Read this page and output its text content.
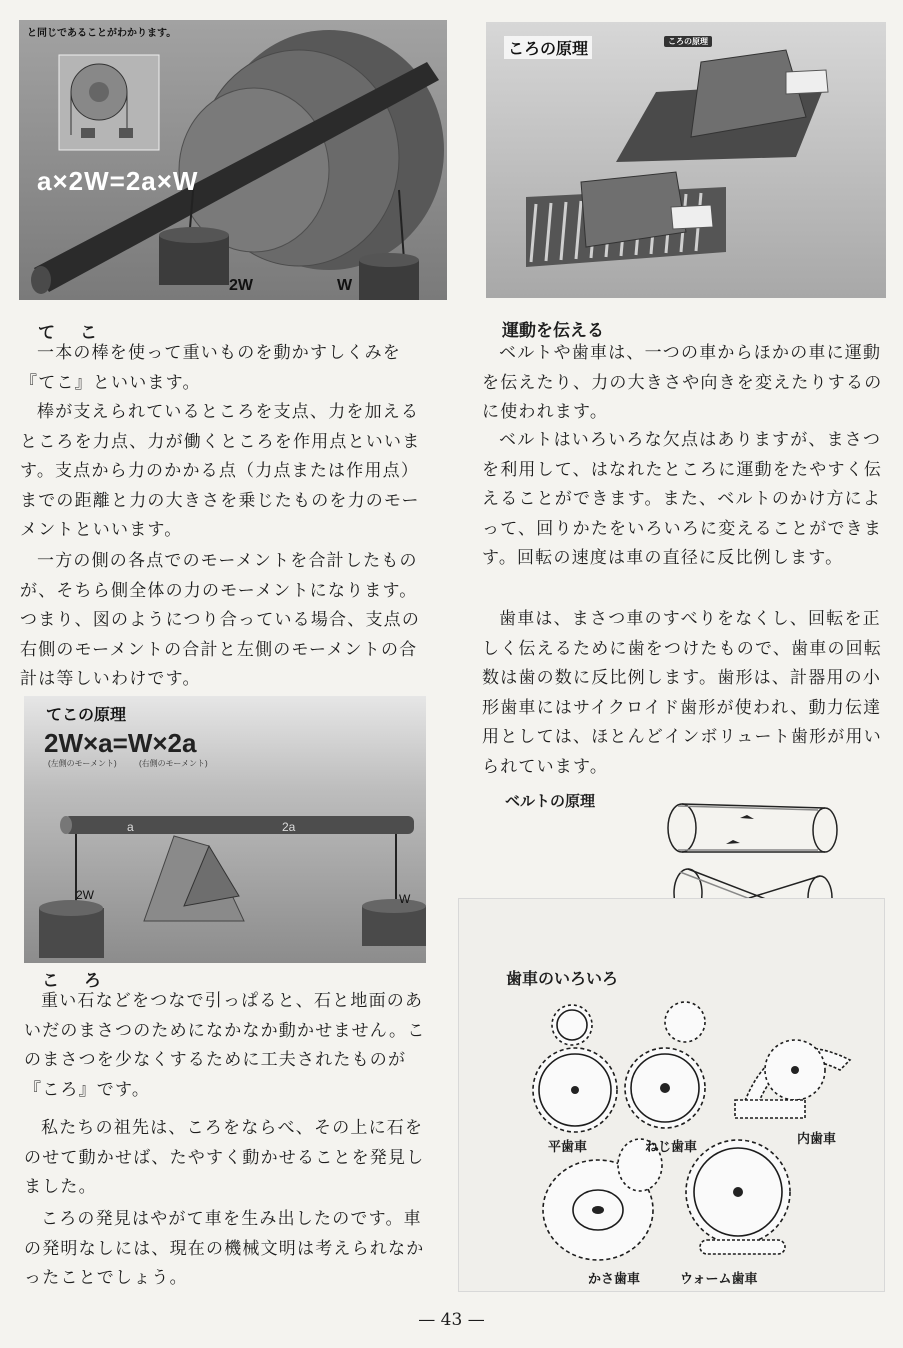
と同じであることがわかります。
a×2W=2a×W
2W	W
て　こ
一本の棒を使って重いものを動かすしくみを『てこ』といいます。
棒が支えられているところを支点、力を加えるところを力点、力が働くところを作用点といいます。支点から力のかかる点（力点または作用点）までの距離と力の大きさを乗じたものを力のモーメントといいます。
一方の側の各点でのモーメントを合計したものが、そちら側全体の力のモーメントになります。つまり、図のようにつり合っている場合、支点の右側のモーメントの合計と左側のモーメントの合計は等しいわけです。
てこの原理
2W×a=W×2a
(左側のモーメント)	(右側のモーメント)
a	2a
2W	W
こ　ろ
重い石などをつなで引っぱると、石と地面のあいだのまさつのためになかなか動かせません。このまさつを少なくするために工夫されたものが『ころ』です。
私たちの祖先は、ころをならべ、その上に石をのせて動かせば、たやすく動かせることを発見しました。
ころの発見はやがて車を生み出したのです。車の発明なしには、現在の機械文明は考えられなかったことでしょう。
ころの原理	ころの原理
運動を伝える
ベルトや歯車は、一つの車からほかの車に運動を伝えたり、力の大きさや向きを変えたりするのに使われます。
ベルトはいろいろな欠点はありますが、まさつを利用して、はなれたところに運動をたやすく伝えることができます。また、ベルトのかけ方によって、回りかたをいろいろに変えることができます。回転の速度は車の直径に反比例します。
歯車は、まさつ車のすべりをなくし、回転を正しく伝えるために歯をつけたもので、歯車の回転数は歯の数に反比例します。歯形は、計器用の小形歯車にはサイクロイド歯形が使われ、動力伝達用としては、ほとんどインボリュート歯形が用いられています。
ベルトの原理
歯車のいろいろ
平歯車	ねじ歯車
内歯車
かさ歯車	ウォーム歯車
— 43 —
